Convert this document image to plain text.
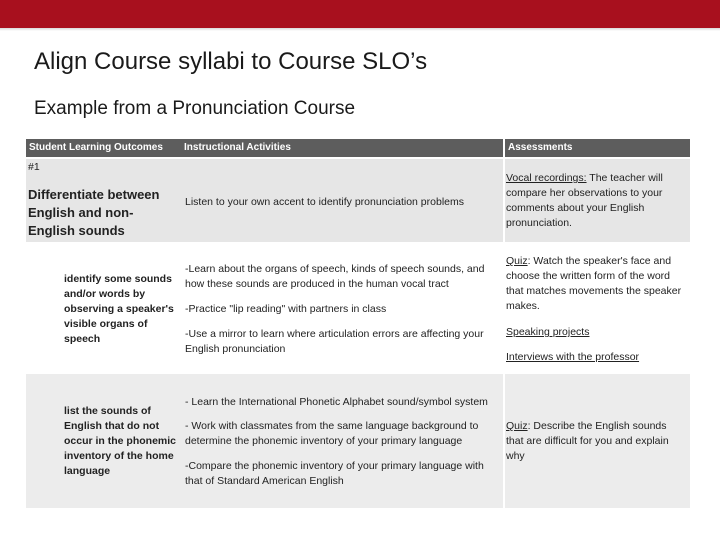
Align Course syllabi to Course SLO’s
Example from a Pronunciation Course
Student Learning Outcomes	Instructional Activities	Assessments
#1
Differentiate between
English and non-
English sounds
Listen to your own accent to identify pronunciation problems
Vocal recordings: The teacher will
compare her observations to your
comments about your English
pronunciation.
identify some sounds
and/or words by
observing a speaker's
visible organs of
speech
-Learn about the organs of speech, kinds of speech sounds, and
how these sounds are produced in the human vocal tract
-Practice "lip reading" with partners in class
-Use a mirror to learn where articulation errors are affecting your
English pronunciation
Quiz: Watch the speaker's face and
choose the written form of the word
that matches movements the speaker
makes.
Speaking projects
Interviews with the professor
list the sounds of
English that do not
occur in the phonemic
inventory of the home
language
- Learn the International Phonetic Alphabet sound/symbol system
- Work with classmates from the same language background to
determine the phonemic inventory of your primary language
-Compare the phonemic inventory of your primary language with
that of Standard American English
Quiz: Describe the English sounds
that are difficult for you and explain
why
